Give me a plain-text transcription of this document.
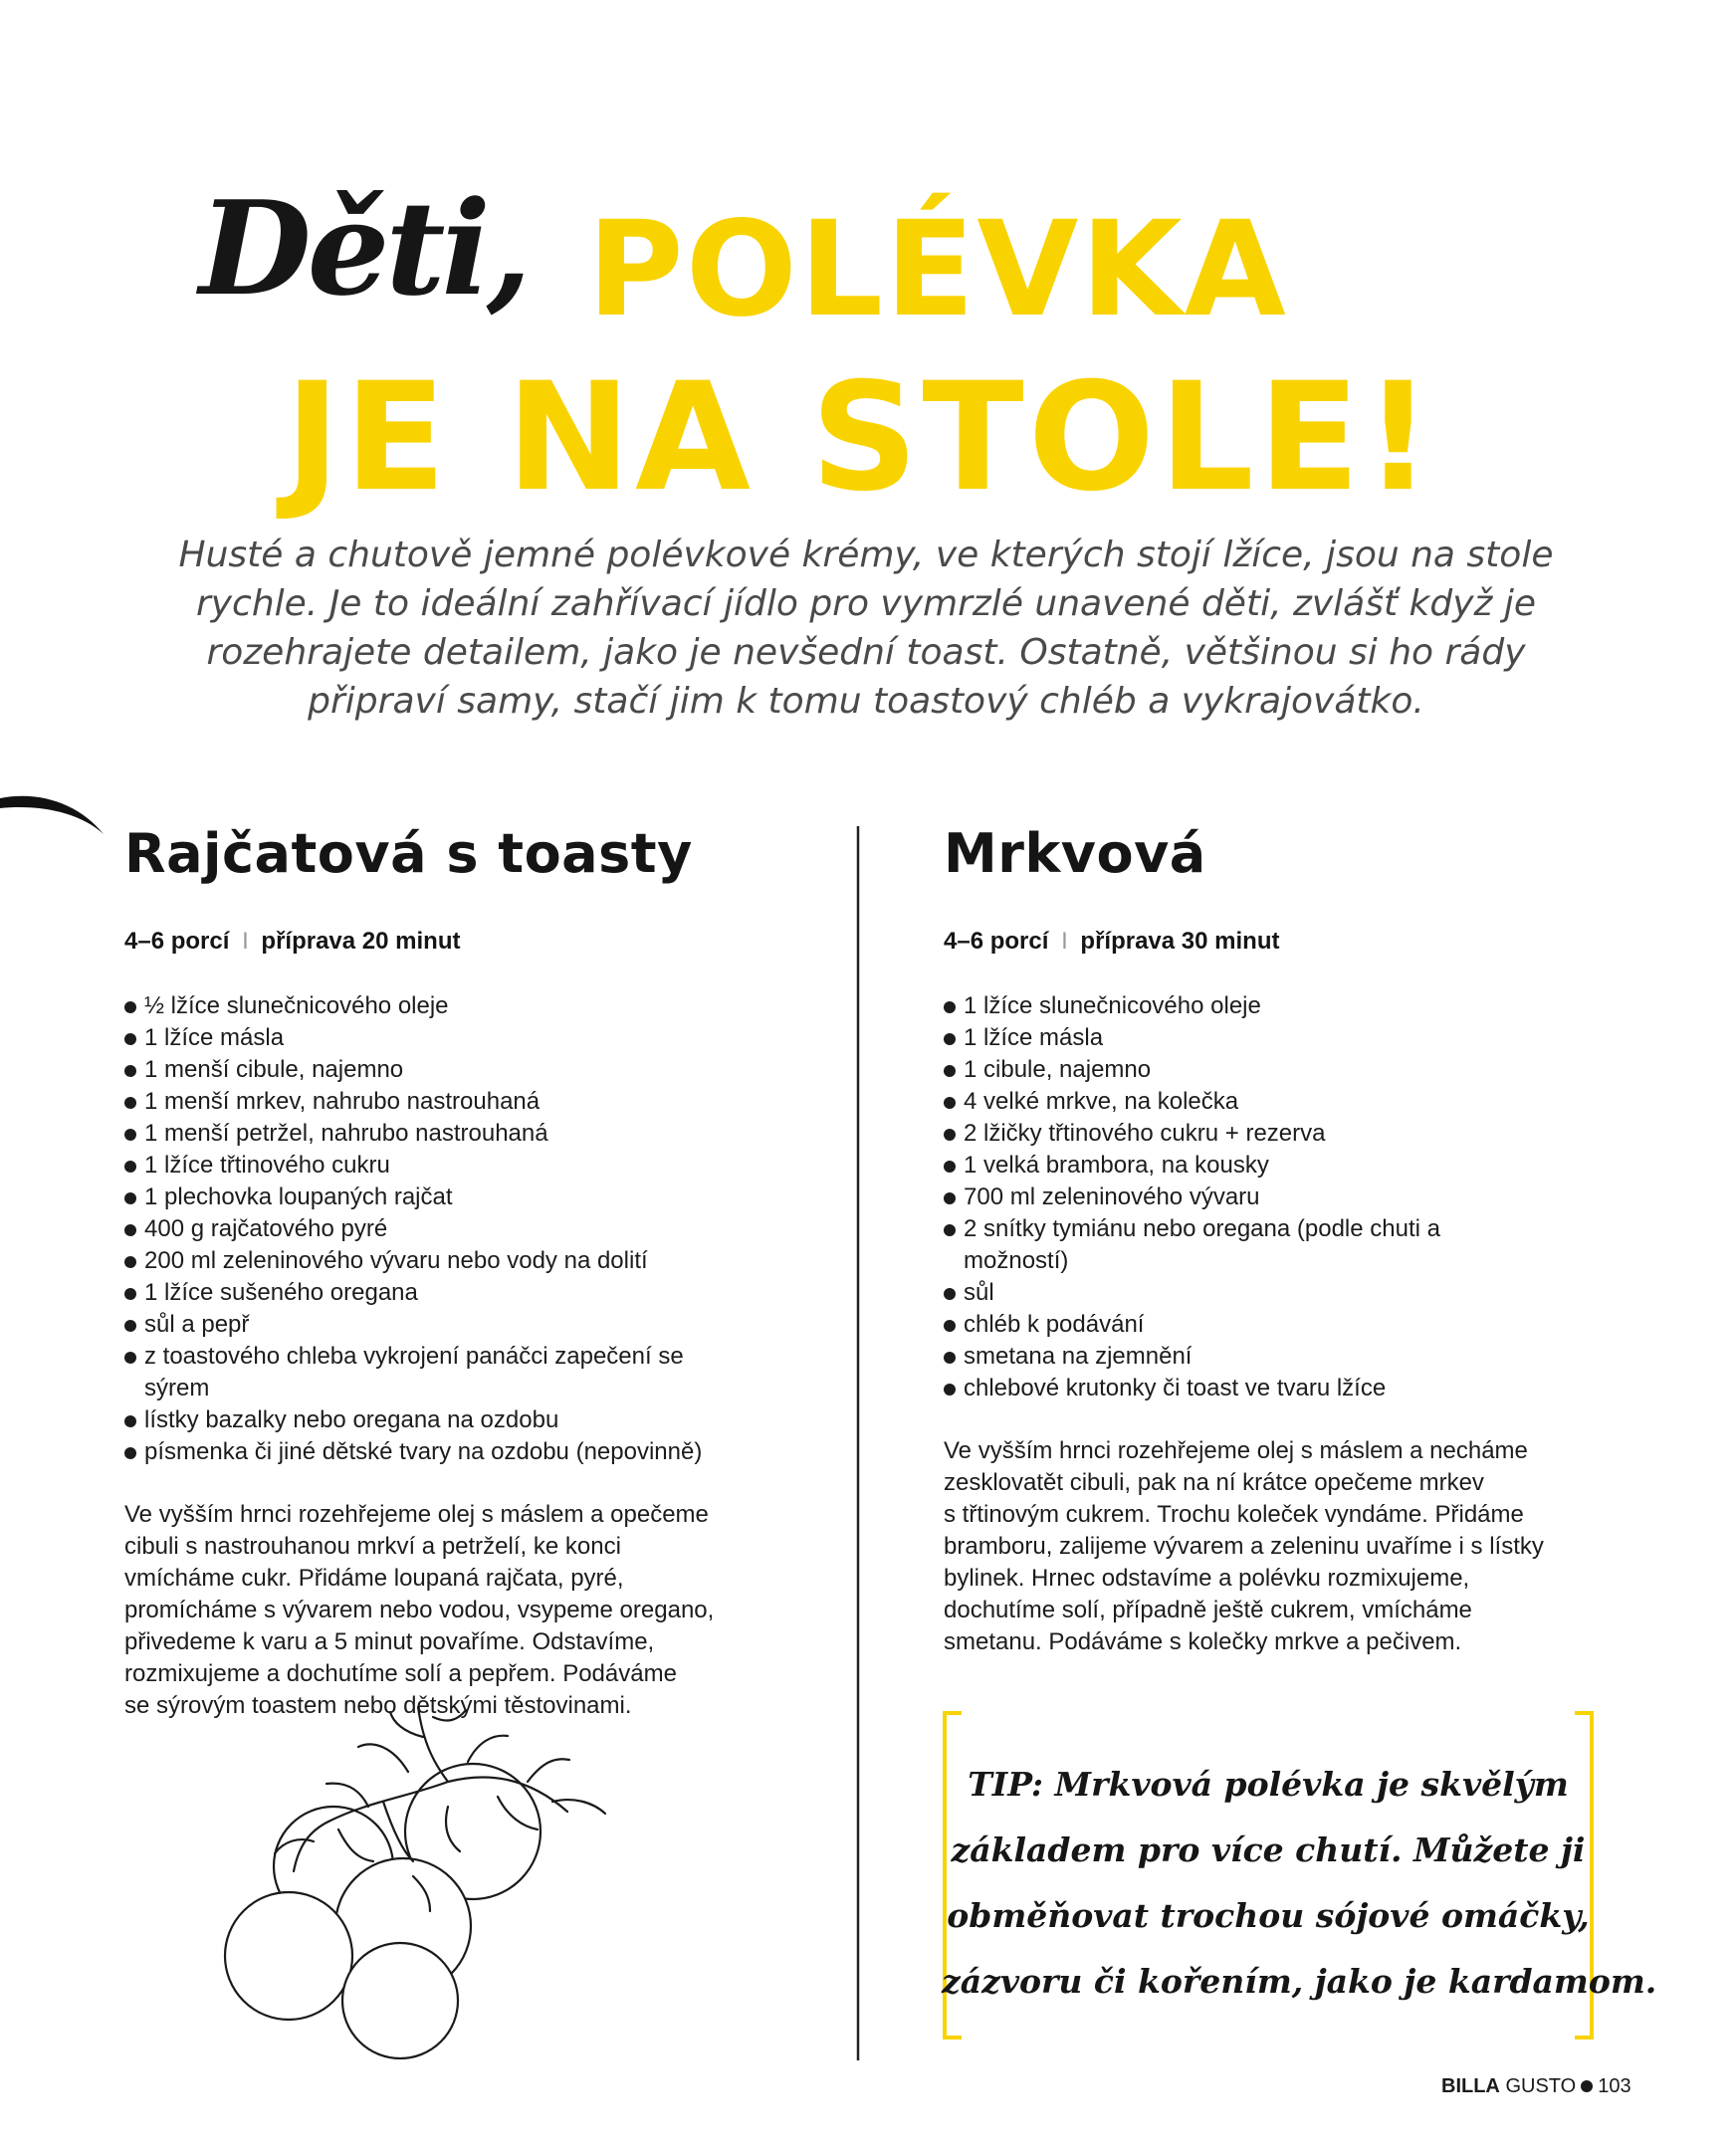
Děti, POLÉVKA
JE NA STOLE!

Husté a chutově jemné polévkové krémy, ve kterých stojí lžíce, jsou na stole

rychle. Je to ideální zahřívací jídlo pro vymrzlé unavené děti, zvlášť když je

rozehrajete detailem, jako je nevšední toast. Ostatně, většinou si ho rády

připraví samy, stačí jim k tomu toastový chléb a vykrajovátko.

Rajčatová s toasty
4–6 porcí I příprava 20 minut
½ lžíce slunečnicového oleje
1 lžíce másla
1 menší cibule, najemno
1 menší mrkev, nahrubo nastrouhaná
1 menší petržel, nahrubo nastrouhaná
1 lžíce třtinového cukru
1 plechovka loupaných rajčat
400 g rajčatového pyré
200 ml zeleninového vývaru nebo vody na dolití
1 lžíce sušeného oregana
sůl a pepř
z toastového chleba vykrojení panáčci zapečení se sýrem
lístky bazalky nebo oregana na ozdobu
písmenka či jiné dětské tvary na ozdobu (nepovinně)
Ve vyšším hrnci rozehřejeme olej s máslem a opečeme
cibuli s nastrouhanou mrkví a petrželí, ke konci
vmícháme cukr. Přidáme loupaná rajčata, pyré,
promícháme s vývarem nebo vodou, vsypeme oregano,
přivedeme k varu a 5 minut povaříme. Odstavíme,
rozmixujeme a dochutíme solí a pepřem. Podáváme
se sýrovým toastem nebo dětskými těstovinami.
Mrkvová
4–6 porcí I příprava 30 minut
1 lžíce slunečnicového oleje
1 lžíce másla
1 cibule, najemno
4 velké mrkve, na kolečka
2 lžičky třtinového cukru + rezerva
1 velká brambora, na kousky
700 ml zeleninového vývaru
2 snítky tymiánu nebo oregana (podle chuti a možností)
sůl
chléb k podávání
smetana na zjemnění
chlebové krutonky či toast ve tvaru lžíce
Ve vyšším hrnci rozehřejeme olej s máslem a necháme
zesklovatět cibuli, pak na ní krátce opečeme mrkev
s třtinovým cukrem. Trochu koleček vyndáme. Přidáme
bramboru, zalijeme vývarem a zeleninu uvaříme i s lístky
bylinek. Hrnec odstavíme a polévku rozmixujeme,
dochutíme solí, případně ještě cukrem, vmícháme
smetanu. Podáváme s kolečky mrkve a pečivem.
TIP: Mrkvová polévka je skvělým
základem pro více chutí. Můžete ji
obměňovat trochou sójové omáčky,
zázvoru či kořením, jako je kardamom.
BILLA GUSTO 103
